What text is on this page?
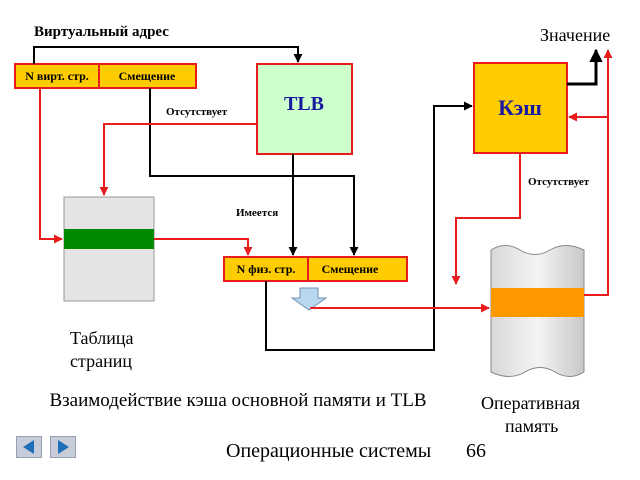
Виртуальный адрес
N вирт. стр. Смещение
TLB	Кэш
Значение
Таблица
страниц
N физ. стр. Смещение
Оперативная
память
Отсутствует
Имеется
Отсутствует
Взаимодействие кэша основной памяти и TLB
Операционные системы 66
